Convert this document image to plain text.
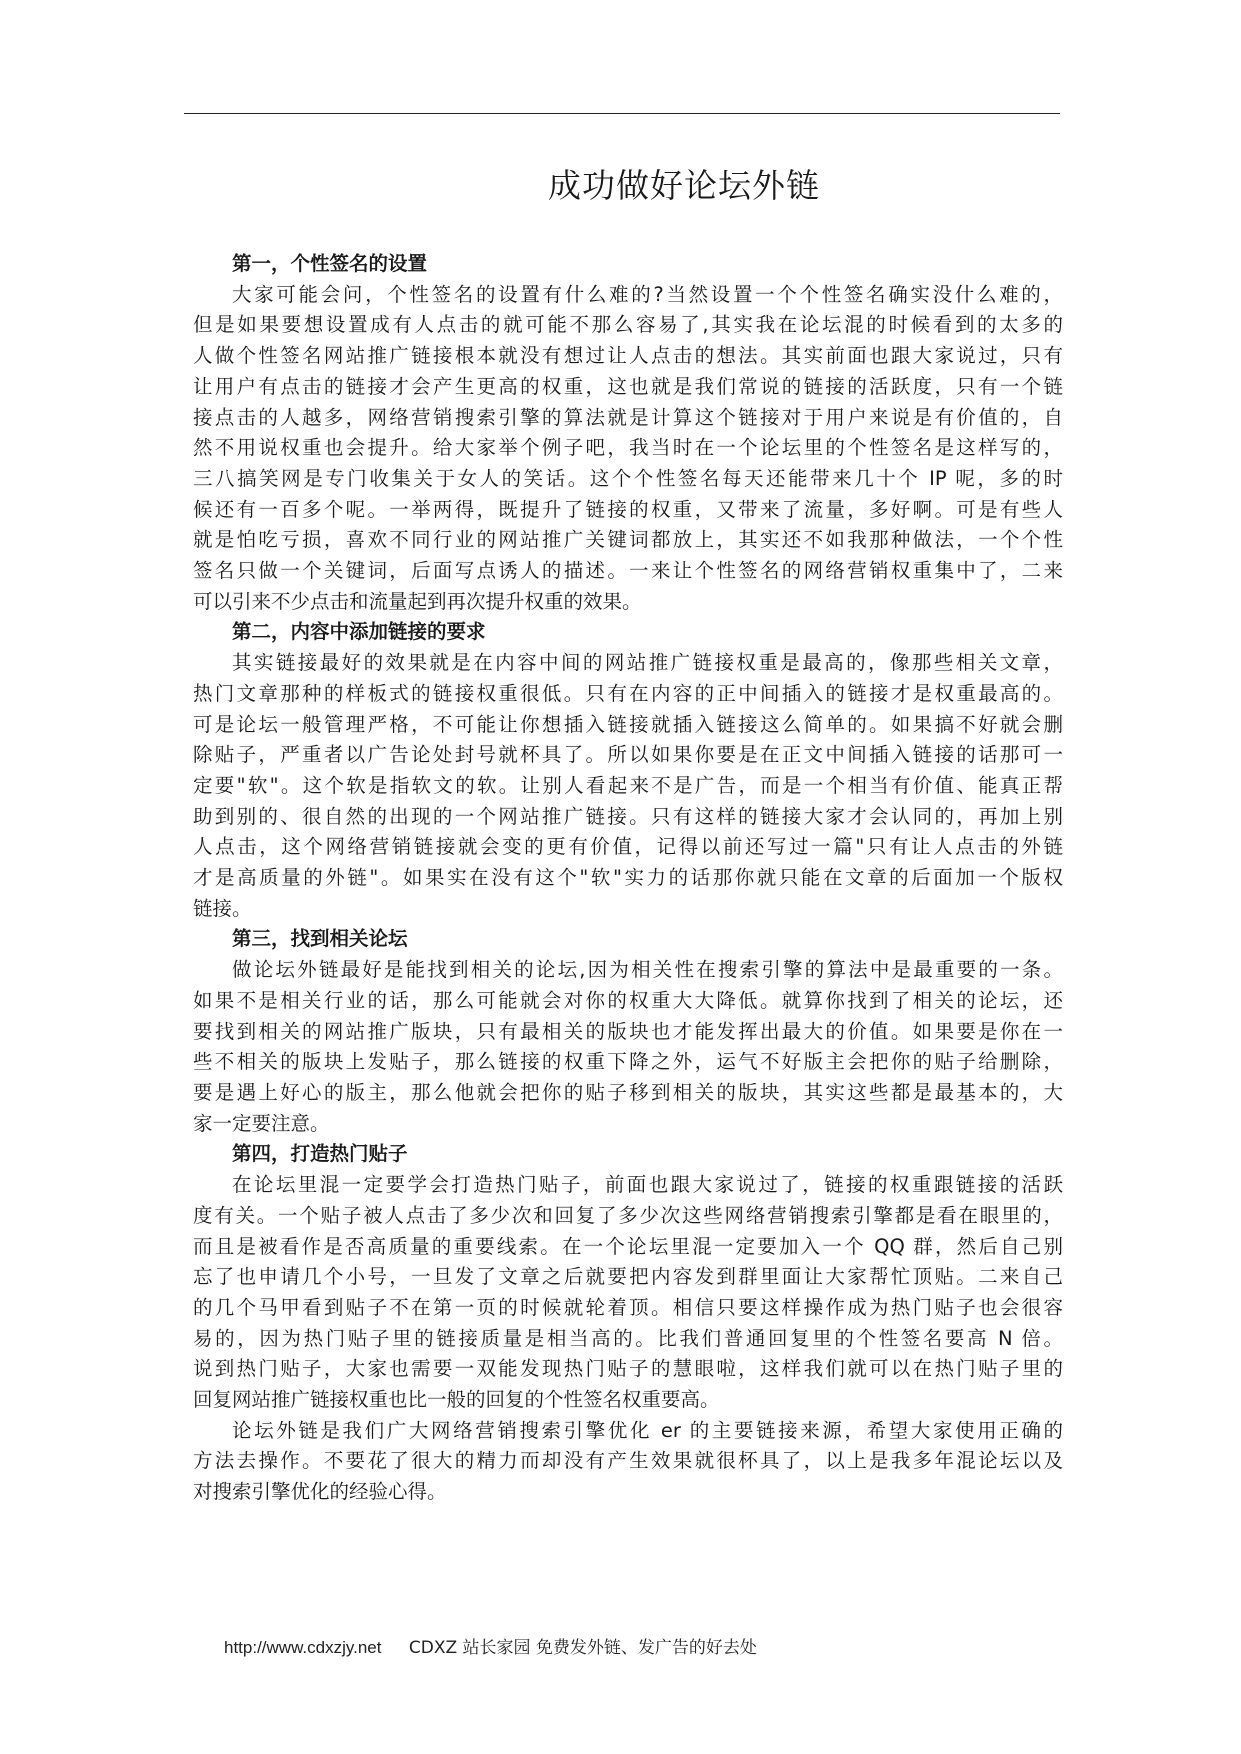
成功做好论坛外链
第一，个性签名的设置
大家可能会问，个性签名的设置有什么难的?当然设置一个个性签名确实没什么难的，
但是如果要想设置成有人点击的就可能不那么容易了,其实我在论坛混的时候看到的太多的
人做个性签名网站推广链接根本就没有想过让人点击的想法。其实前面也跟大家说过，只有
让用户有点击的链接才会产生更高的权重，这也就是我们常说的链接的活跃度，只有一个链
接点击的人越多，网络营销搜索引擎的算法就是计算这个链接对于用户来说是有价值的，自
然不用说权重也会提升。给大家举个例子吧，我当时在一个论坛里的个性签名是这样写的，
三八搞笑网是专门收集关于女人的笑话。这个个性签名每天还能带来几十个 IP 呢，多的时
候还有一百多个呢。一举两得，既提升了链接的权重，又带来了流量，多好啊。可是有些人
就是怕吃亏损，喜欢不同行业的网站推广关键词都放上，其实还不如我那种做法，一个个性
签名只做一个关键词，后面写点诱人的描述。一来让个性签名的网络营销权重集中了，二来
可以引来不少点击和流量起到再次提升权重的效果。
第二，内容中添加链接的要求
其实链接最好的效果就是在内容中间的网站推广链接权重是最高的，像那些相关文章，
热门文章那种的样板式的链接权重很低。只有在内容的正中间插入的链接才是权重最高的。
可是论坛一般管理严格，不可能让你想插入链接就插入链接这么简单的。如果搞不好就会删
除贴子，严重者以广告论处封号就杯具了。所以如果你要是在正文中间插入链接的话那可一
定要"软"。这个软是指软文的软。让别人看起来不是广告，而是一个相当有价值、能真正帮
助到别的、很自然的出现的一个网站推广链接。只有这样的链接大家才会认同的，再加上别
人点击，这个网络营销链接就会变的更有价值，记得以前还写过一篇"只有让人点击的外链
才是高质量的外链"。如果实在没有这个"软"实力的话那你就只能在文章的后面加一个版权
链接。
第三，找到相关论坛
做论坛外链最好是能找到相关的论坛,因为相关性在搜索引擎的算法中是最重要的一条。
如果不是相关行业的话，那么可能就会对你的权重大大降低。就算你找到了相关的论坛，还
要找到相关的网站推广版块，只有最相关的版块也才能发挥出最大的价值。如果要是你在一
些不相关的版块上发贴子，那么链接的权重下降之外，运气不好版主会把你的贴子给删除，
要是遇上好心的版主，那么他就会把你的贴子移到相关的版块，其实这些都是最基本的，大
家一定要注意。
第四，打造热门贴子
在论坛里混一定要学会打造热门贴子，前面也跟大家说过了，链接的权重跟链接的活跃
度有关。一个贴子被人点击了多少次和回复了多少次这些网络营销搜索引擎都是看在眼里的，
而且是被看作是否高质量的重要线索。在一个论坛里混一定要加入一个 QQ 群，然后自己别
忘了也申请几个小号，一旦发了文章之后就要把内容发到群里面让大家帮忙顶贴。二来自己
的几个马甲看到贴子不在第一页的时候就轮着顶。相信只要这样操作成为热门贴子也会很容
易的，因为热门贴子里的链接质量是相当高的。比我们普通回复里的个性签名要高 N 倍。
说到热门贴子，大家也需要一双能发现热门贴子的慧眼啦，这样我们就可以在热门贴子里的
回复网站推广链接权重也比一般的回复的个性签名权重要高。
论坛外链是我们广大网络营销搜索引擎优化 er 的主要链接来源，希望大家使用正确的
方法去操作。不要花了很大的精力而却没有产生效果就很杯具了，以上是我多年混论坛以及
对搜索引擎优化的经验心得。
http://www.cdxzjy.net CDXZ 站长家园 免费发外链、发广告的好去处
